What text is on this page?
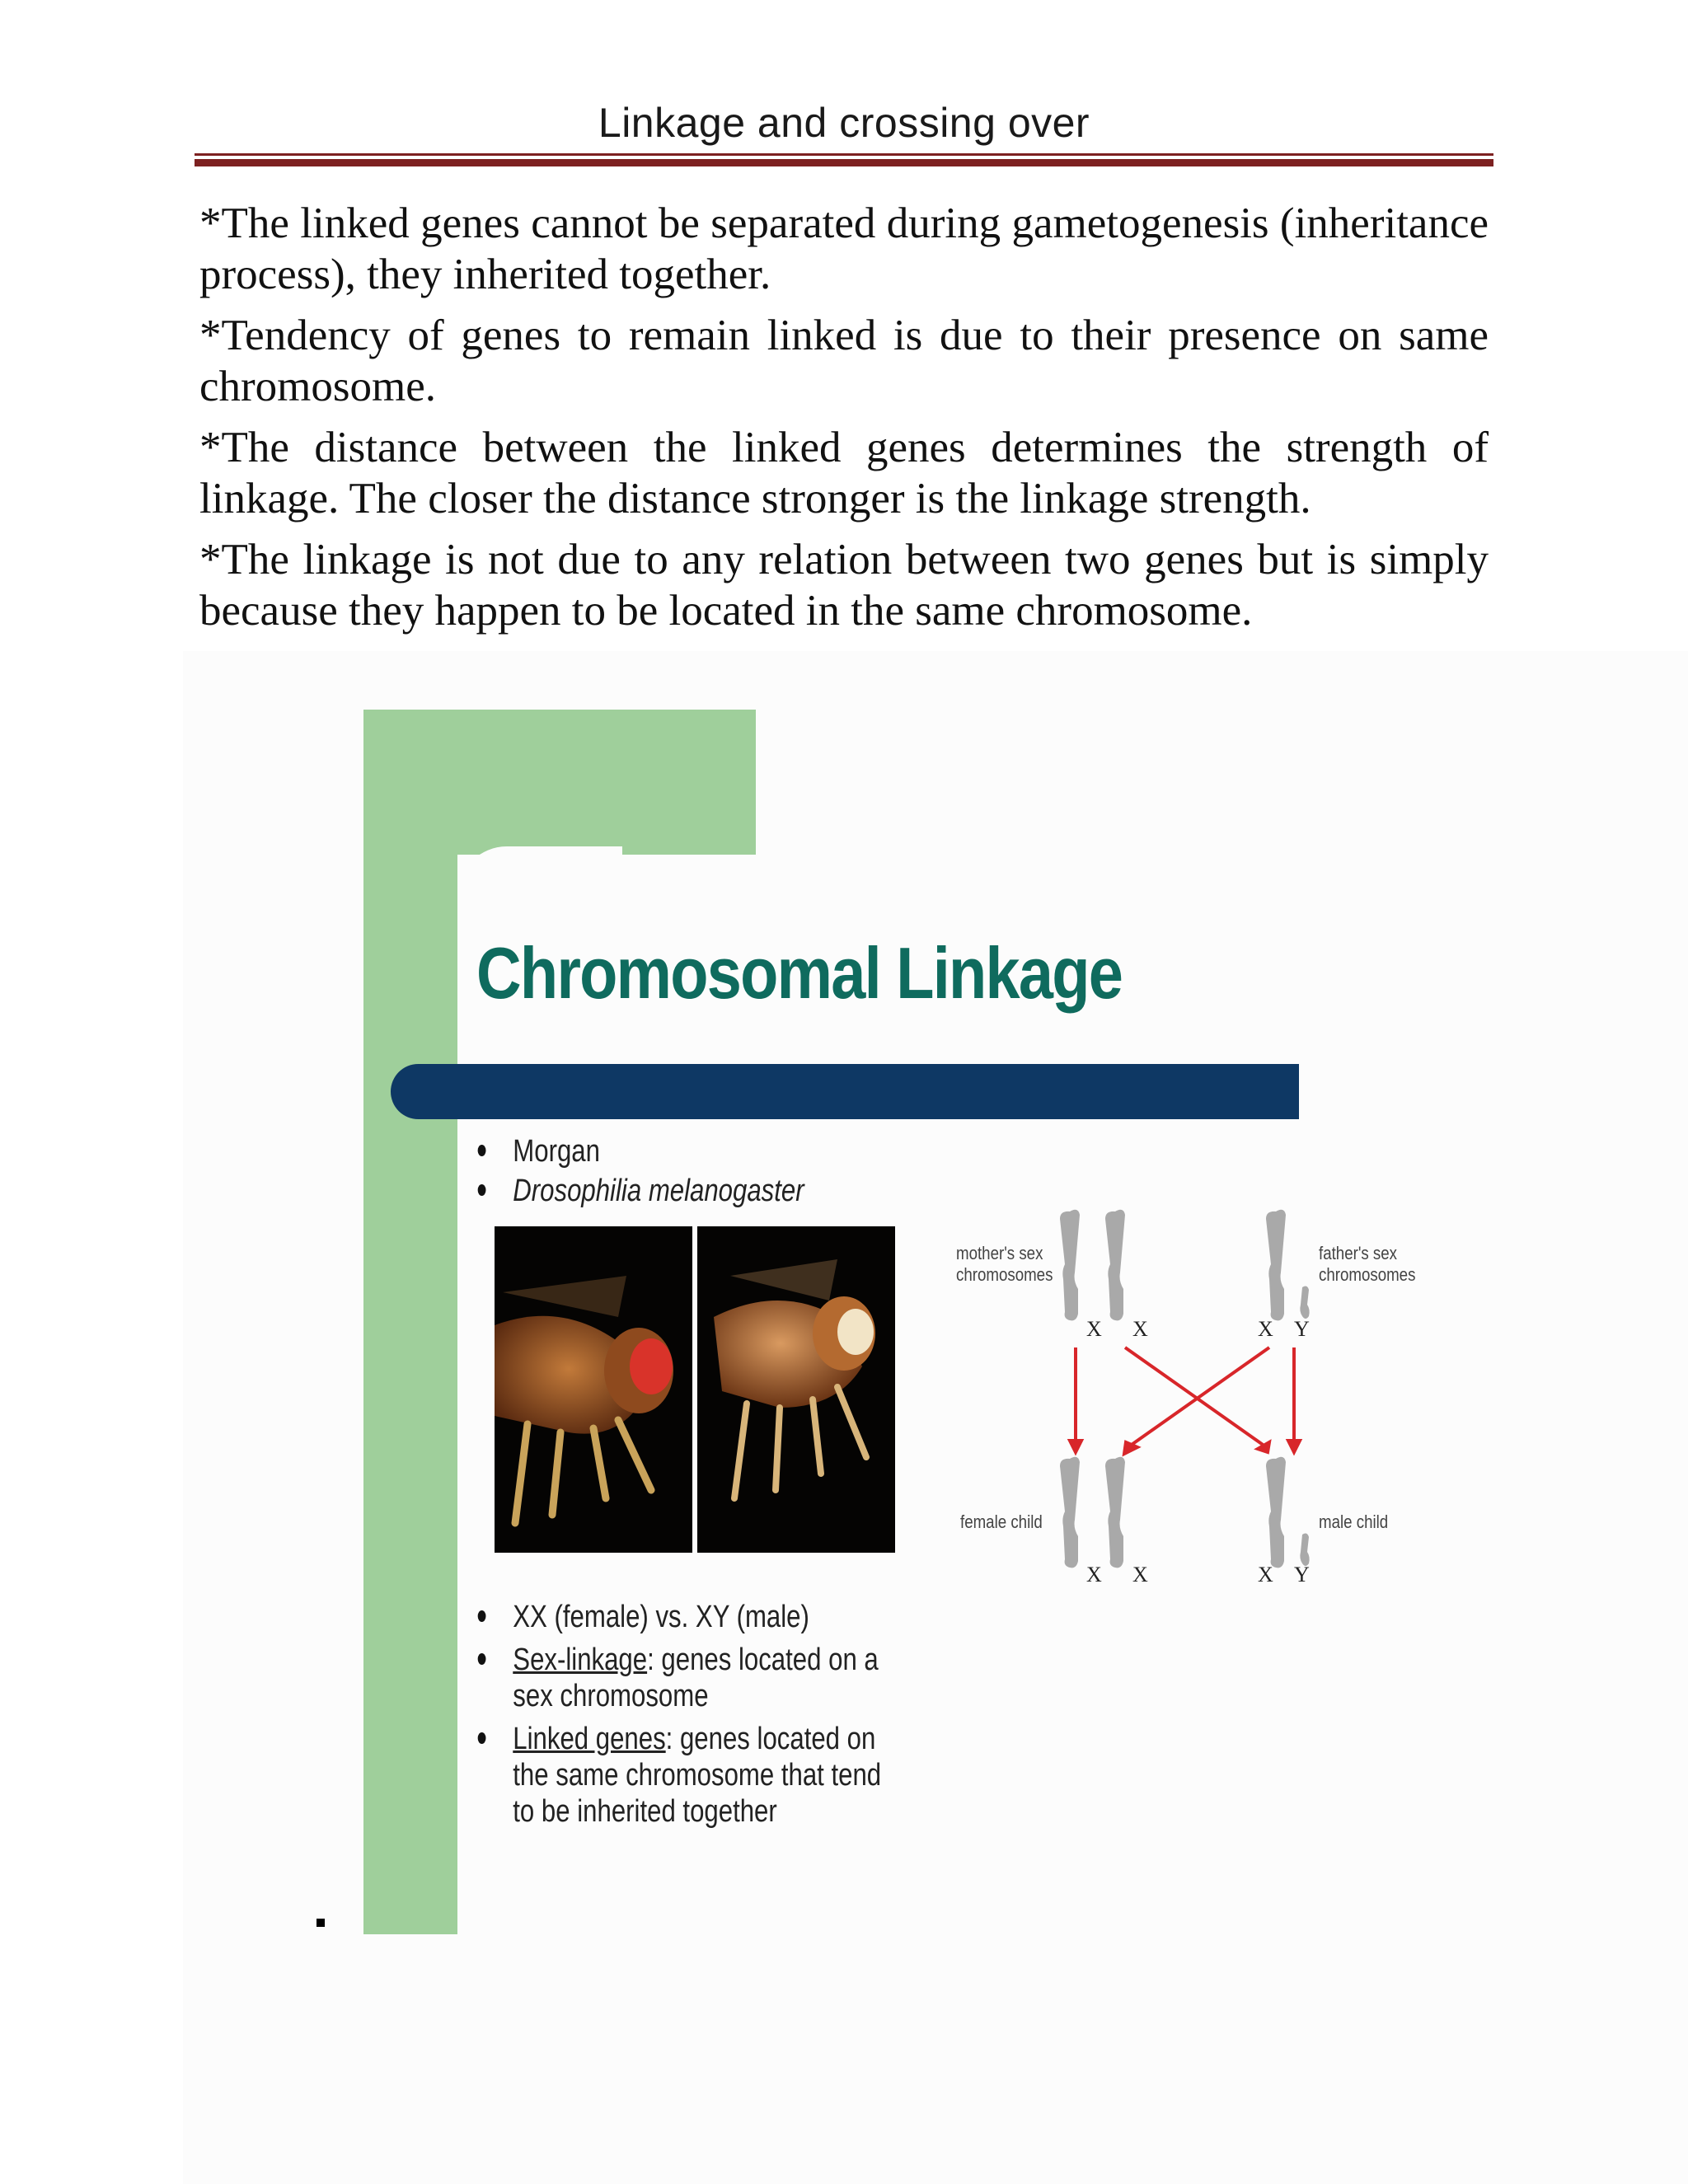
Linkage and crossing over

*The linked genes cannot be separated during gametogenesis (inheritance process), they inherited together.

*Tendency of genes to remain linked is due to their presence on same chromosome.

*The distance between the linked genes determines the strength of linkage. The closer the distance stronger is the linkage strength.

*The linkage is not due to any relation between two genes but is simply because they happen to be located in the same chromosome.

Chromosomal Linkage
Morgan
Drosophilia melanogaster
XX (female) vs. XY (male)
Sex-linkage: genes located on a sex chromosome
Linked genes: genes located on the same chromosome that tend to be inherited together
mother's sex
chromosomes
father's sex
chromosomes
female child	male child
X X	X Y
X X	X Y
